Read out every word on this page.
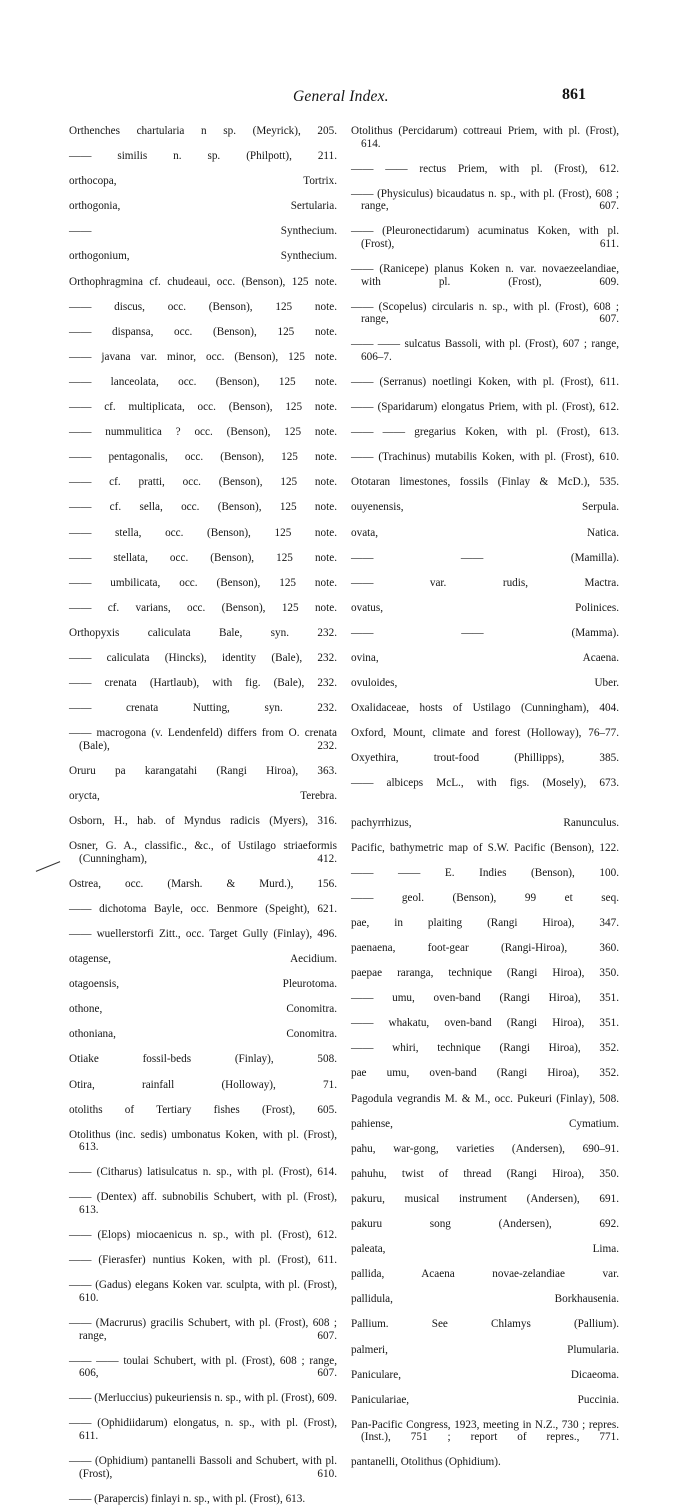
General Index.	861

Orthenches chartularia n sp. (Meyrick), 205.

—— similis n. sp. (Philpott), 211.

orthocopa, Tortrix.

orthogonia, Sertularia.

—— Synthecium.

orthogonium, Synthecium.

Orthophragmina cf. chudeaui, occ. (Benson), 125 note.

—— discus, occ. (Benson), 125 note.

—— dispansa, occ. (Benson), 125 note.

—— javana var. minor, occ. (Benson), 125 note.

—— lanceolata, occ. (Benson), 125 note.

—— cf. multiplicata, occ. (Benson), 125 note.

—— nummulitica ? occ. (Benson), 125 note.

—— pentagonalis, occ. (Benson), 125 note.

—— cf. pratti, occ. (Benson), 125 note.

—— cf. sella, occ. (Benson), 125 note.

—— stella, occ. (Benson), 125 note.

—— stellata, occ. (Benson), 125 note.

—— umbilicata, occ. (Benson), 125 note.

—— cf. varians, occ. (Benson), 125 note.

Orthopyxis caliculata Bale, syn. 232.

—— caliculata (Hincks), identity (Bale), 232.

—— crenata (Hartlaub), with fig. (Bale), 232.

—— crenata Nutting, syn. 232.

—— macrogona (v. Lendenfeld) differs from O. crenata (Bale), 232.

Oruru pa karangatahi (Rangi Hiroa), 363.

orycta, Terebra.

Osborn, H., hab. of Myndus radicis (Myers), 316.

Osner, G. A., classific., &c., of Ustilago striaeformis (Cunningham), 412.

Ostrea, occ. (Marsh. & Murd.), 156.

—— dichotoma Bayle, occ. Benmore (Speight), 621.

—— wuellerstorfi Zitt., occ. Target Gully (Finlay), 496.

otagense, Aecidium.

otagoensis, Pleurotoma.

othone, Conomitra.

othoniana, Conomitra.

Otiake fossil-beds (Finlay), 508.

Otira, rainfall (Holloway), 71.

otoliths of Tertiary fishes (Frost), 605.

Otolithus (inc. sedis) umbonatus Koken, with pl. (Frost), 613.

—— (Citharus) latisulcatus n. sp., with pl. (Frost), 614.

—— (Dentex) aff. subnobilis Schubert, with pl. (Frost), 613.

—— (Elops) miocaenicus n. sp., with pl. (Frost), 612.

—— (Fierasfer) nuntius Koken, with pl. (Frost), 611.

—— (Gadus) elegans Koken var. sculpta, with pl. (Frost), 610.

—— (Macrurus) gracilis Schubert, with pl. (Frost), 608 ; range, 607.

—— —— toulai Schubert, with pl. (Frost), 608 ; range, 606, 607.

—— (Merluccius) pukeuriensis n. sp., with pl. (Frost), 609.

—— (Ophidiidarum) elongatus, n. sp., with pl. (Frost), 611.

—— (Ophidium) pantanelli Bassoli and Schubert, with pl. (Frost), 610.

—— (Parapercis) finlayi n. sp., with pl. (Frost), 613.

Otolithus (Percidarum) cottreaui Priem, with pl. (Frost), 614.

—— —— rectus Priem, with pl. (Frost), 612.

—— (Physiculus) bicaudatus n. sp., with pl. (Frost), 608 ; range, 607.

—— (Pleuronectidarum) acuminatus Koken, with pl. (Frost), 611.

—— (Ranicepe) planus Koken n. var. novaezeelandiae, with pl. (Frost), 609.

—— (Scopelus) circularis n. sp., with pl. (Frost), 608 ; range, 607.

—— —— sulcatus Bassoli, with pl. (Frost), 607 ; range, 606–7.

—— (Serranus) noetlingi Koken, with pl. (Frost), 611.

—— (Sparidarum) elongatus Priem, with pl. (Frost), 612.

—— —— gregarius Koken, with pl. (Frost), 613.

—— (Trachinus) mutabilis Koken, with pl. (Frost), 610.

Ototaran limestones, fossils (Finlay & McD.), 535.

ouyenensis, Serpula.

ovata, Natica.

—— —— (Mamilla).

—— var. rudis, Mactra.

ovatus, Polinices.

—— —— (Mamma).

ovina, Acaena.

ovuloides, Uber.

Oxalidaceae, hosts of Ustilago (Cunningham), 404.

Oxford, Mount, climate and forest (Holloway), 76–77.

Oxyethira, trout-food (Phillipps), 385.

—— albiceps McL., with figs. (Mosely), 673.

pachyrrhizus, Ranunculus.

Pacific, bathymetric map of S.W. Pacific (Benson), 122.

—— —— E. Indies (Benson), 100.

—— geol. (Benson), 99 et seq.

pae, in plaiting (Rangi Hiroa), 347.

paenaena, foot-gear (Rangi-Hiroa), 360.

paepae raranga, technique (Rangi Hiroa), 350.

—— umu, oven-band (Rangi Hiroa), 351.

—— whakatu, oven-band (Rangi Hiroa), 351.

—— whiri, technique (Rangi Hiroa), 352.

pae umu, oven-band (Rangi Hiroa), 352.

Pagodula vegrandis M. & M., occ. Pukeuri (Finlay), 508.

pahiense, Cymatium.

pahu, war-gong, varieties (Andersen), 690–91.

pahuhu, twist of thread (Rangi Hiroa), 350.

pakuru, musical instrument (Andersen), 691.

pakuru song (Andersen), 692.

paleata, Lima.

pallida, Acaena novae-zelandiae var.

pallidula, Borkhausenia.

Pallium. See Chlamys (Pallium).

palmeri, Plumularia.

Paniculare, Dicaeoma.

Paniculariae, Puccinia.

Pan-Pacific Congress, 1923, meeting in N.Z., 730 ; repres. (Inst.), 751 ; report of repres., 771.

pantanelli, Otolithus (Ophidium).
